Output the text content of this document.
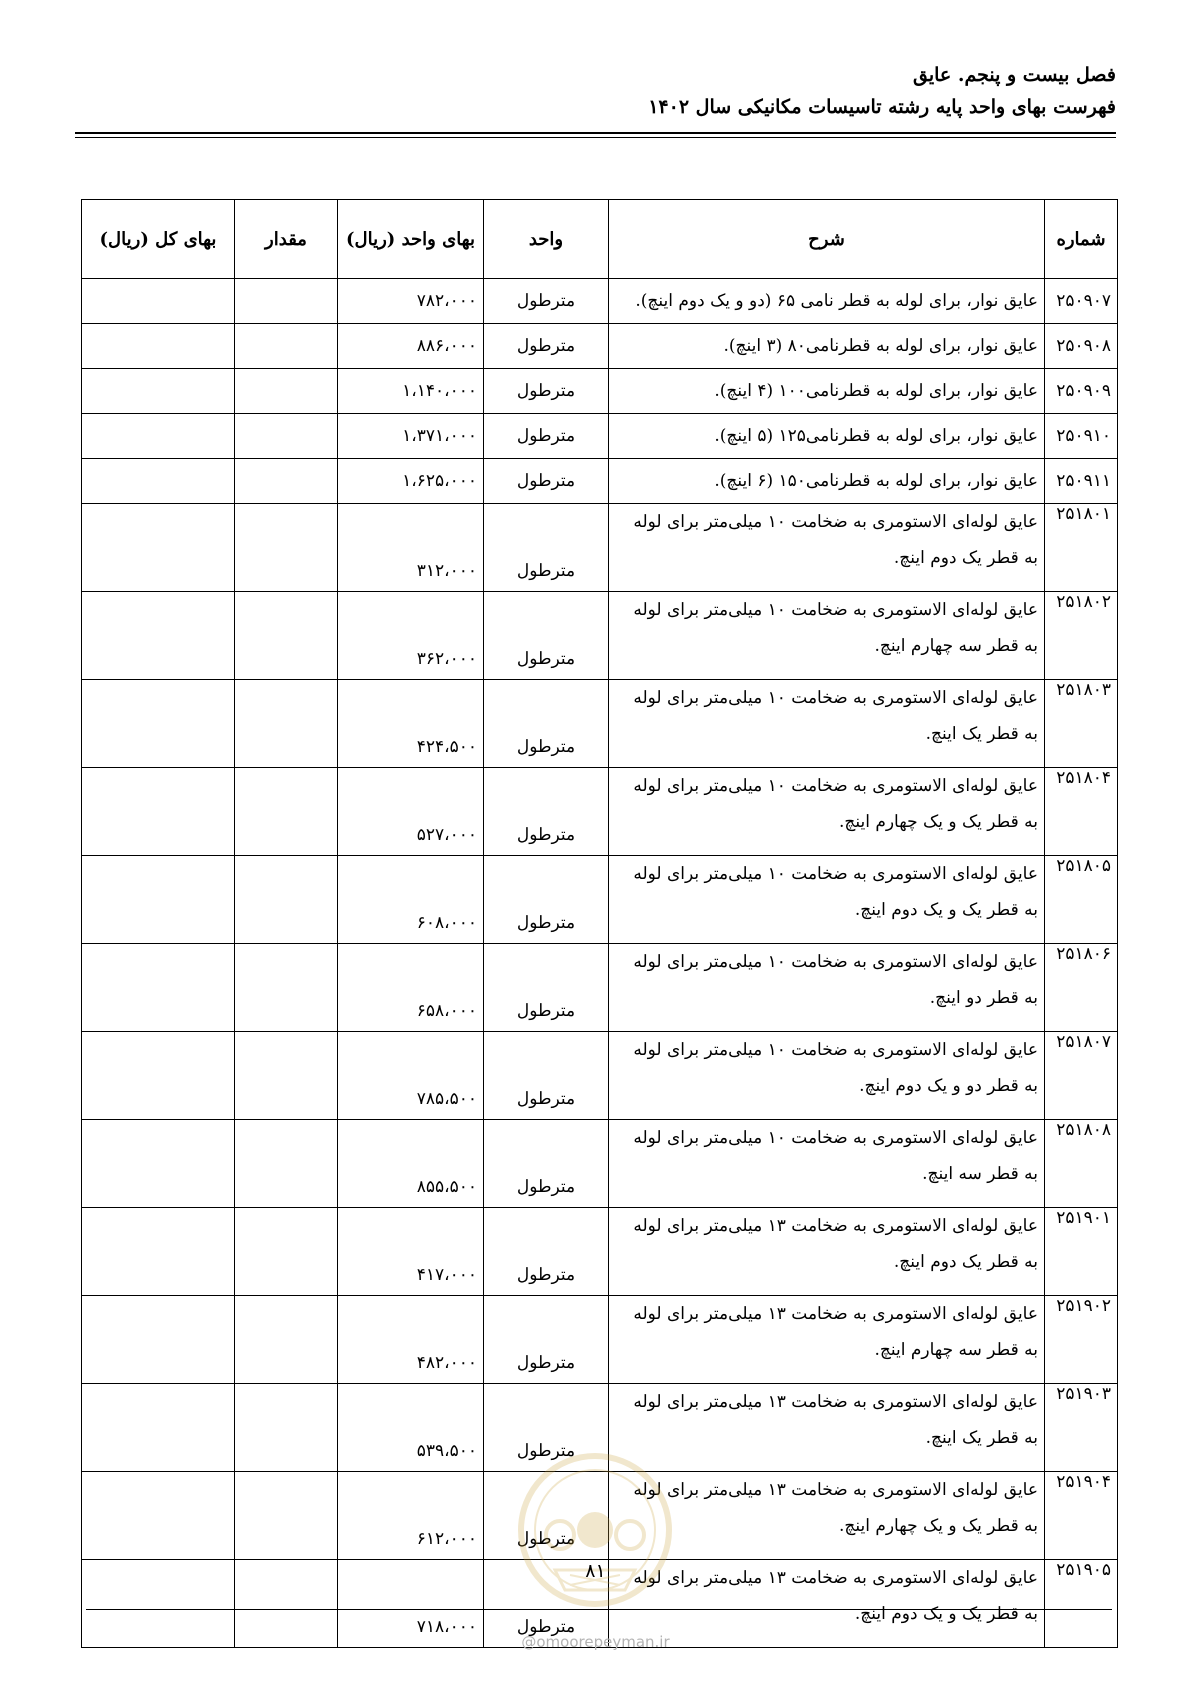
فصل بیست و پنجم. عایق
فهرست بهای واحد پایه رشته تاسیسات مکانیکی سال ۱۴۰۲
شماره	شرح	واحد	بهای واحد (ریال)	مقدار	بهای کل (ریال)
۲۵۰۹۰۷	عایق نوار، برای لوله به قطر نامی ۶۵ (دو و یک دوم اینچ).	مترطول	۷۸۲،۰۰۰		
۲۵۰۹۰۸	عایق نوار، برای لوله به قطرنامی۸۰ (۳ اینچ).	مترطول	۸۸۶،۰۰۰		
۲۵۰۹۰۹	عایق نوار، برای لوله به قطرنامی۱۰۰ (۴ اینچ).	مترطول	۱،۱۴۰،۰۰۰		
۲۵۰۹۱۰	عایق نوار، برای لوله به قطرنامی۱۲۵ (۵ اینچ).	مترطول	۱،۳۷۱،۰۰۰		
۲۵۰۹۱۱	عایق نوار، برای لوله به قطرنامی۱۵۰ (۶ اینچ).	مترطول	۱،۶۲۵،۰۰۰		
۲۵۱۸۰۱	عایق لوله‌ای الاستومری به ضخامت ۱۰ میلی‌متر برای لوله به قطر یک دوم اینچ.	مترطول	۳۱۲،۰۰۰		
۲۵۱۸۰۲	عایق لوله‌ای الاستومری به ضخامت ۱۰ میلی‌متر برای لوله به قطر سه چهارم اینچ.	مترطول	۳۶۲،۰۰۰		
۲۵۱۸۰۳	عایق لوله‌ای الاستومری به ضخامت ۱۰ میلی‌متر برای لوله به قطر یک اینچ.	مترطول	۴۲۴،۵۰۰		
۲۵۱۸۰۴	عایق لوله‌ای الاستومری به ضخامت ۱۰ میلی‌متر برای لوله به قطر یک و یک چهارم اینچ.	مترطول	۵۲۷،۰۰۰		
۲۵۱۸۰۵	عایق لوله‌ای الاستومری به ضخامت ۱۰ میلی‌متر برای لوله به قطر یک و یک دوم اینچ.	مترطول	۶۰۸،۰۰۰		
۲۵۱۸۰۶	عایق لوله‌ای الاستومری به ضخامت ۱۰ میلی‌متر برای لوله به قطر دو اینچ.	مترطول	۶۵۸،۰۰۰		
۲۵۱۸۰۷	عایق لوله‌ای الاستومری به ضخامت ۱۰ میلی‌متر برای لوله به قطر دو و یک دوم اینچ.	مترطول	۷۸۵،۵۰۰		
۲۵۱۸۰۸	عایق لوله‌ای الاستومری به ضخامت ۱۰ میلی‌متر برای لوله به قطر سه اینچ.	مترطول	۸۵۵،۵۰۰		
۲۵۱۹۰۱	عایق لوله‌ای الاستومری به ضخامت ۱۳ میلی‌متر برای لوله به قطر یک دوم اینچ.	مترطول	۴۱۷،۰۰۰		
۲۵۱۹۰۲	عایق لوله‌ای الاستومری به ضخامت ۱۳ میلی‌متر برای لوله به قطر سه چهارم اینچ.	مترطول	۴۸۲،۰۰۰		
۲۵۱۹۰۳	عایق لوله‌ای الاستومری به ضخامت ۱۳ میلی‌متر برای لوله به قطر یک اینچ.	مترطول	۵۳۹،۵۰۰		
۲۵۱۹۰۴	عایق لوله‌ای الاستومری به ضخامت ۱۳ میلی‌متر برای لوله به قطر یک و یک چهارم اینچ.	مترطول	۶۱۲،۰۰۰		
۲۵۱۹۰۵	عایق لوله‌ای الاستومری به ضخامت ۱۳ میلی‌متر برای لوله به قطر یک و یک دوم اینچ.	مترطول	۷۱۸،۰۰۰		
۸۱
@omoorepeyman.ir
